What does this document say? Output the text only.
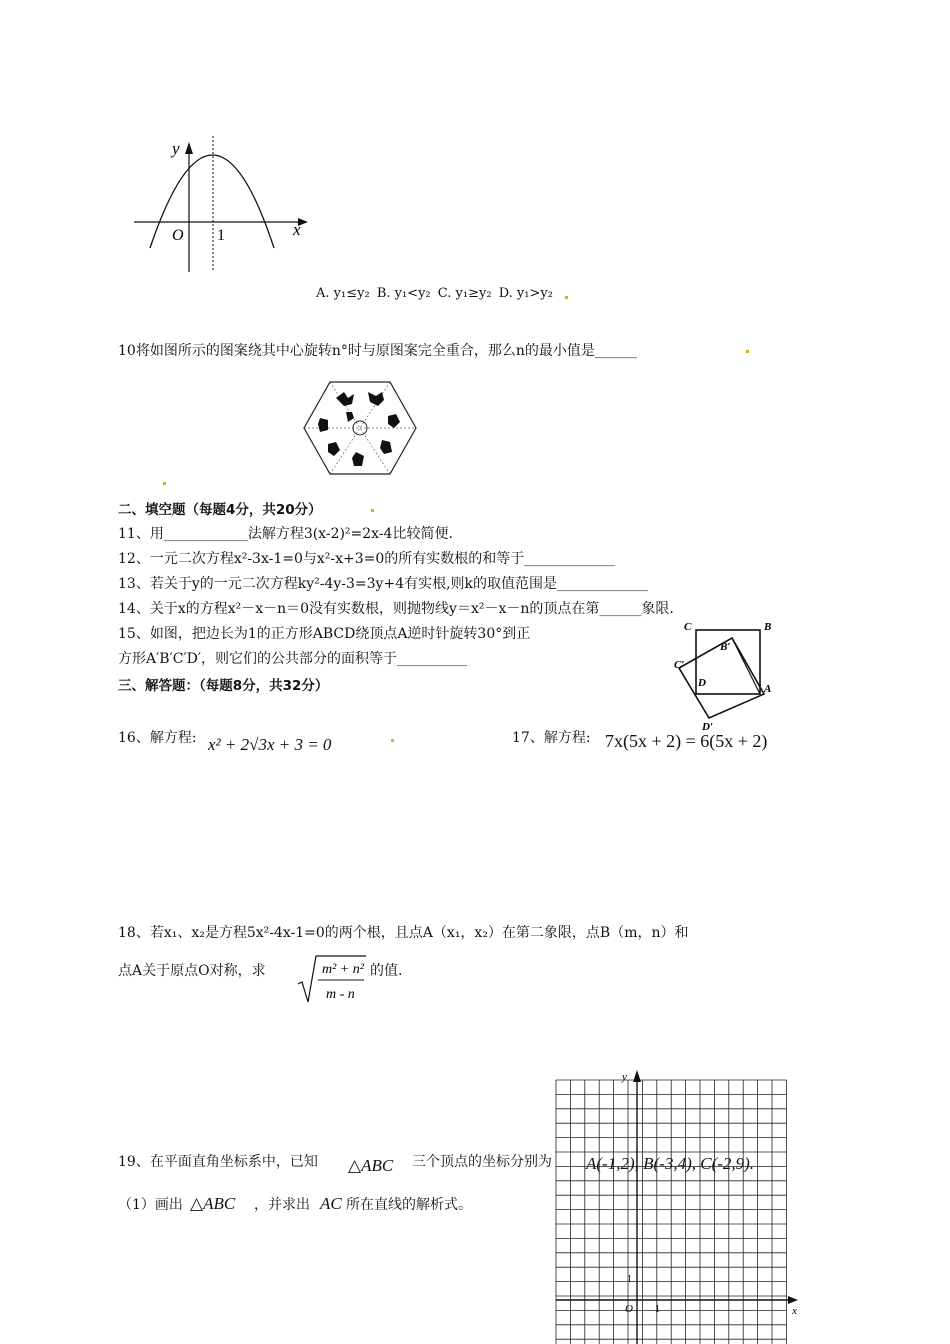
y
x
O 1
A. y₁≤y₂ B. y₁<y₂ C. y₁≥y₂ D. y₁>y₂
10将如图所示的图案绕其中心旋转n°时与原图案完全重合，那么n的最小值是______
二、填空题（每题4分，共20分）
11、用____________法解方程3(x-2)²=2x-4比较简便.
12、一元二次方程x²-3x-1=0与x²-x+3=0的所有实数根的和等于_____________
13、若关于y的一元二次方程ky²-4y-3=3y+4有实根,则k的取值范围是_____________
14、关于x的方程x²－x－n＝0没有实数根，则抛物线y＝x²－x－n的顶点在第______象限.
15、如图，把边长为1的正方形ABCD绕顶点A逆时针旋转30°到正
方形A′B′C′D′，则它们的公共部分的面积等于__________
C	B
B′
C′
D	A
D′
三、解答题：（每题8分，共32分）
16、解方程: x² + 2√3x + 3 = 0	17、解方程: 7x(5x + 2) = 6(5x + 2)
18、若x₁、x₂是方程5x²-4x-1=0的两个根，且点A（x₁，x₂）在第二象限，点B（m，n）和
点A关于原点O对称，求	m² + n²
m - n
的值.
19、在平面直角坐标系中，已知 △ABC 三个顶点的坐标分别为 A(-1,2), B(-3,4), C(-2,9).
（1）画出 △ABC ，并求出 AC 所在直线的解析式。
y
x
O 1
1
